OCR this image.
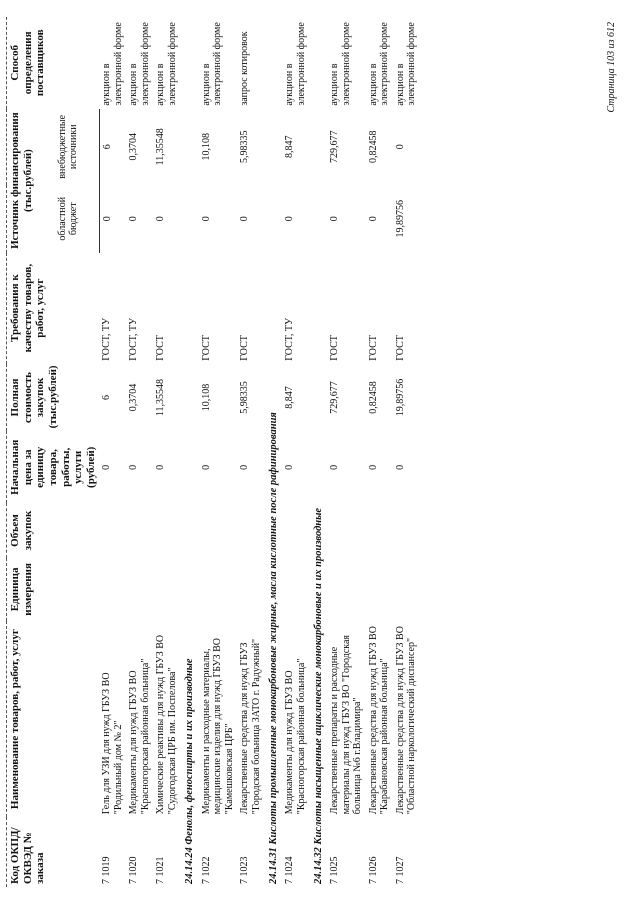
Код ОКПД/ ОКВЭД № заказа	Наименование товаров, работ, услуг	Единица измерения	Объем закупок	Начальная цена за единицу товара, работы, услуги (рублей)	Полная стоимость закупок (тыс.рублей)	Требования к качеству товаров, работ, услуг	Источник финансирования (тыс.рублей)		Способ определения поставщиков
							областной бюджет	внебюджетные источники	
7 1019	Гель для УЗИ для нужд ГБУЗ ВО "Родильный дом № 2"			0	6	ГОСТ, ТУ	0	6	аукцион в электронной форме
7 1020	Медикаменты для нужд ГБУЗ ВО "Красногорская районная больница"			0	0,3704	ГОСТ, ТУ	0	0,3704	аукцион в электронной форме
7 1021	Химические реактивы для нужд ГБУЗ ВО "Судогодская ЦРБ им. Поспелова"			0	11,35548	ГОСТ	0	11,35548	аукцион в электронной форме
24.14.24 Фенолы, феноспирты и их производные									
7 1022	Медикаменты и расходные материалы, медицинские изделия для нужд ГБУЗ ВО "Камешковская ЦРБ"			0	10,108	ГОСТ	0	10,108	аукцион в электронной форме
7 1023	Лекарственные средства для нужд ГБУЗ "Городская больница ЗАТО г. Радужный"			0	5,98335	ГОСТ	0	5,98335	запрос котировок
24.14.31 Кислоты промышленные монокарбоновые жирные, масла кислотные после рафинирования									
7 1024	Медикаменты для нужд ГБУЗ ВО "Красногорская районная больница"			0	8,847	ГОСТ, ТУ	0	8,847	аукцион в электронной форме
24.14.32 Кислоты насыщенные ациклические монокарбоновые и их производные									
7 1025	Лекарственные препараты и расходные материалы для нужд ГБУЗ ВО "Городская больница №6 г.Владимира"			0	729,677	ГОСТ	0	729,677	аукцион в электронной форме
7 1026	Лекарственные средства для нужд ГБУЗ ВО "Карабановская районная больница"			0	0,82458	ГОСТ	0	0,82458	аукцион в электронной форме
7 1027	Лекарственные средства для нужд ГБУЗ ВО "Областной наркологический диспансер"			0	19,89756	ГОСТ	19,89756	0	аукцион в электронной форме	Страница 103 из 612
